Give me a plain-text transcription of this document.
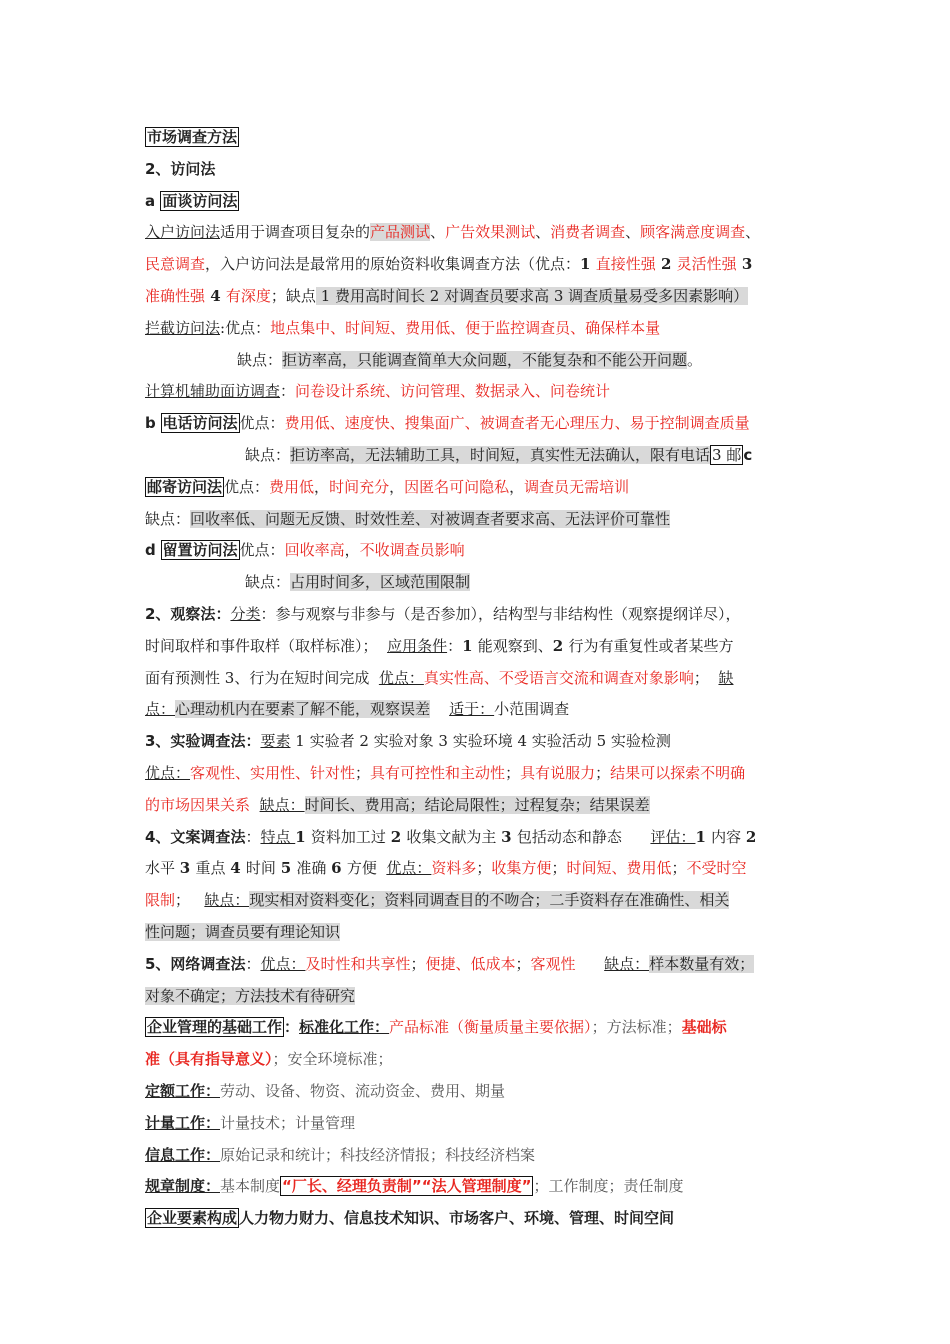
市场调查方法
2、访问法
a 面谈访问法
入户访问法适用于调查项目复杂的产品测试、广告效果测试、消费者调查、顾客满意度调查、
民意调查，入户访问法是最常用的原始资料收集调查方法（优点：1 直接性强 2 灵活性强 3
准确性强 4 有深度；缺点 1 费用高时间长 2 对调查员要求高 3 调查质量易受多因素影响）
拦截访问法:优点：地点集中、时间短、费用低、便于监控调查员、确保样本量
缺点：拒访率高，只能调查简单大众问题，不能复杂和不能公开问题。
计算机辅助面访调查：问卷设计系统、访问管理、数据录入、问卷统计
b 电话访问法 优点：费用低、速度快、搜集面广、被调查者无心理压力、易于控制调查质量
缺点：拒访率高，无法辅助工具，时间短，真实性无法确认，限有电话 3 邮 c
邮寄访问法 优点：费用低，时间充分，因匿名可问隐私，调查员无需培训
缺点：回收率低、问题无反馈、时效性差、对被调查者要求高、无法评价可靠性
d 留置访问法 优点：回收率高，不收调查员影响
缺点：占用时间多，区域范围限制
2、观察法：分类：参与观察与非参与（是否参加），结构型与非结构性（观察提纲详尽），
时间取样和事件取样（取样标准）； 应用条件：1 能观察到、2 行为有重复性或者某些方
面有预测性 3、行为在短时间完成 优点：真实性高、不受语言交流和调查对象影响； 缺
点：心理动机内在要素了解不能，观察误差 适于：小范围调查
3、实验调查法：要素 1 实验者 2 实验对象 3 实验环境 4 实验活动 5 实验检测
优点：客观性、实用性、针对性；具有可控性和主动性；具有说服力；结果可以探索不明确
的市场因果关系 缺点：时间长、费用高；结论局限性；过程复杂；结果误差
4、文案调查法：特点 1 资料加工过 2 收集文献为主 3 包括动态和静态 评估：1 内容 2
水平 3 重点 4 时间 5 准确 6 方便 优点：资料多；收集方便；时间短、费用低；不受时空
限制； 缺点：现实相对资料变化；资料同调查目的不吻合；二手资料存在准确性、相关
性问题；调查员要有理论知识
5、网络调查法：优点：及时性和共享性；便捷、低成本；客观性 缺点：样本数量有效；
对象不确定；方法技术有待研究
企业管理的基础工作 ：标准化工作：产品标准（衡量质量主要依据）；方法标准；基础标
准（具有指导意义）；安全环境标准；
定额工作：劳动、设备、物资、流动资金、费用、期量
计量工作：计量技术；计量管理
信息工作：原始记录和统计；科技经济情报；科技经济档案
规章制度：基本制度 “厂长、经理负责制”“法人管理制度” ；工作制度；责任制度
企业要素构成 人力物力财力、信息技术知识、市场客户、环境、管理、时间空间
